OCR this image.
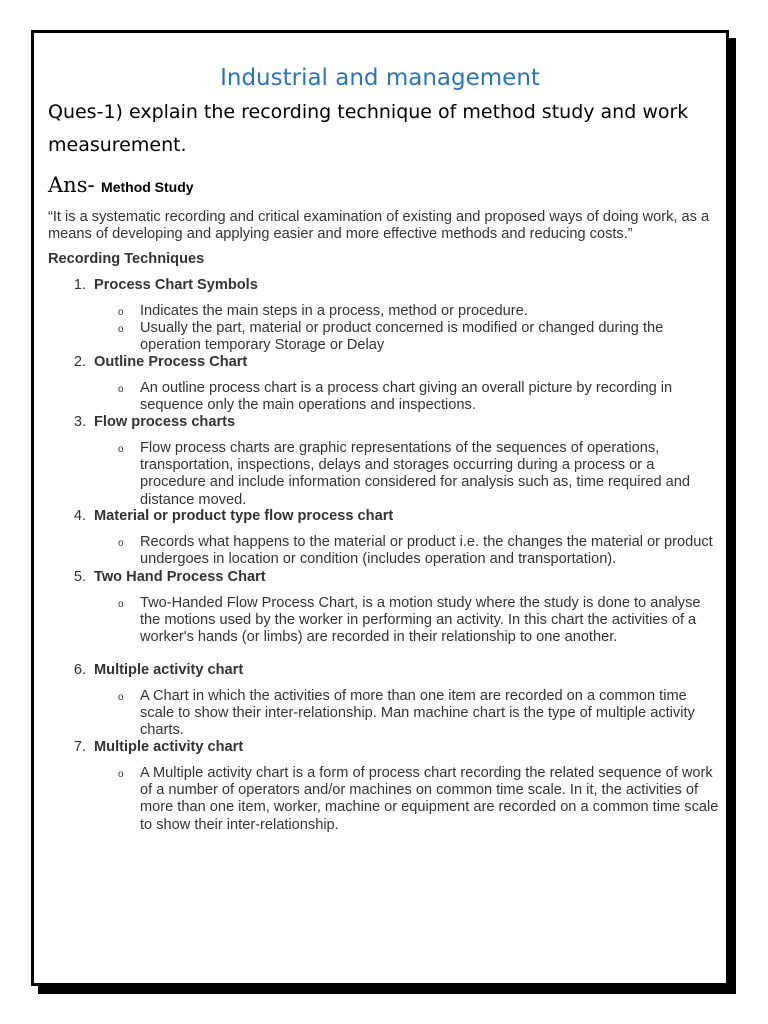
Industrial and management
Ques-1) explain the recording technique of method study and work measurement.
Ans- Method Study
“It is a systematic recording and critical examination of existing and proposed ways of doing work, as a means of developing and applying easier and more effective methods and reducing costs.”
Recording Techniques
1. Process Chart Symbols
o Indicates the main steps in a process, method or procedure.
o Usually the part, material or product concerned is modified or changed during the operation temporary Storage or Delay
2. Outline Process Chart
o An outline process chart is a process chart giving an overall picture by recording in sequence only the main operations and inspections.
3. Flow process charts
o Flow process charts are graphic representations of the sequences of operations, transportation, inspections, delays and storages occurring during a process or a procedure and include information considered for analysis such as, time required and distance moved.
4. Material or product type flow process chart
o Records what happens to the material or product i.e. the changes the material or product undergoes in location or condition (includes operation and transportation).
5. Two Hand Process Chart
o Two-Handed Flow Process Chart, is a motion study where the study is done to analyse the motions used by the worker in performing an activity. In this chart the activities of a worker's hands (or limbs) are recorded in their relationship to one another.
6. Multiple activity chart
o A Chart in which the activities of more than one item are recorded on a common time scale to show their inter-relationship. Man machine chart is the type of multiple activity charts.
7. Multiple activity chart
o A Multiple activity chart is a form of process chart recording the related sequence of work of a number of operators and/or machines on common time scale. In it, the activities of more than one item, worker, machine or equipment are recorded on a common time scale to show their inter-relationship.
